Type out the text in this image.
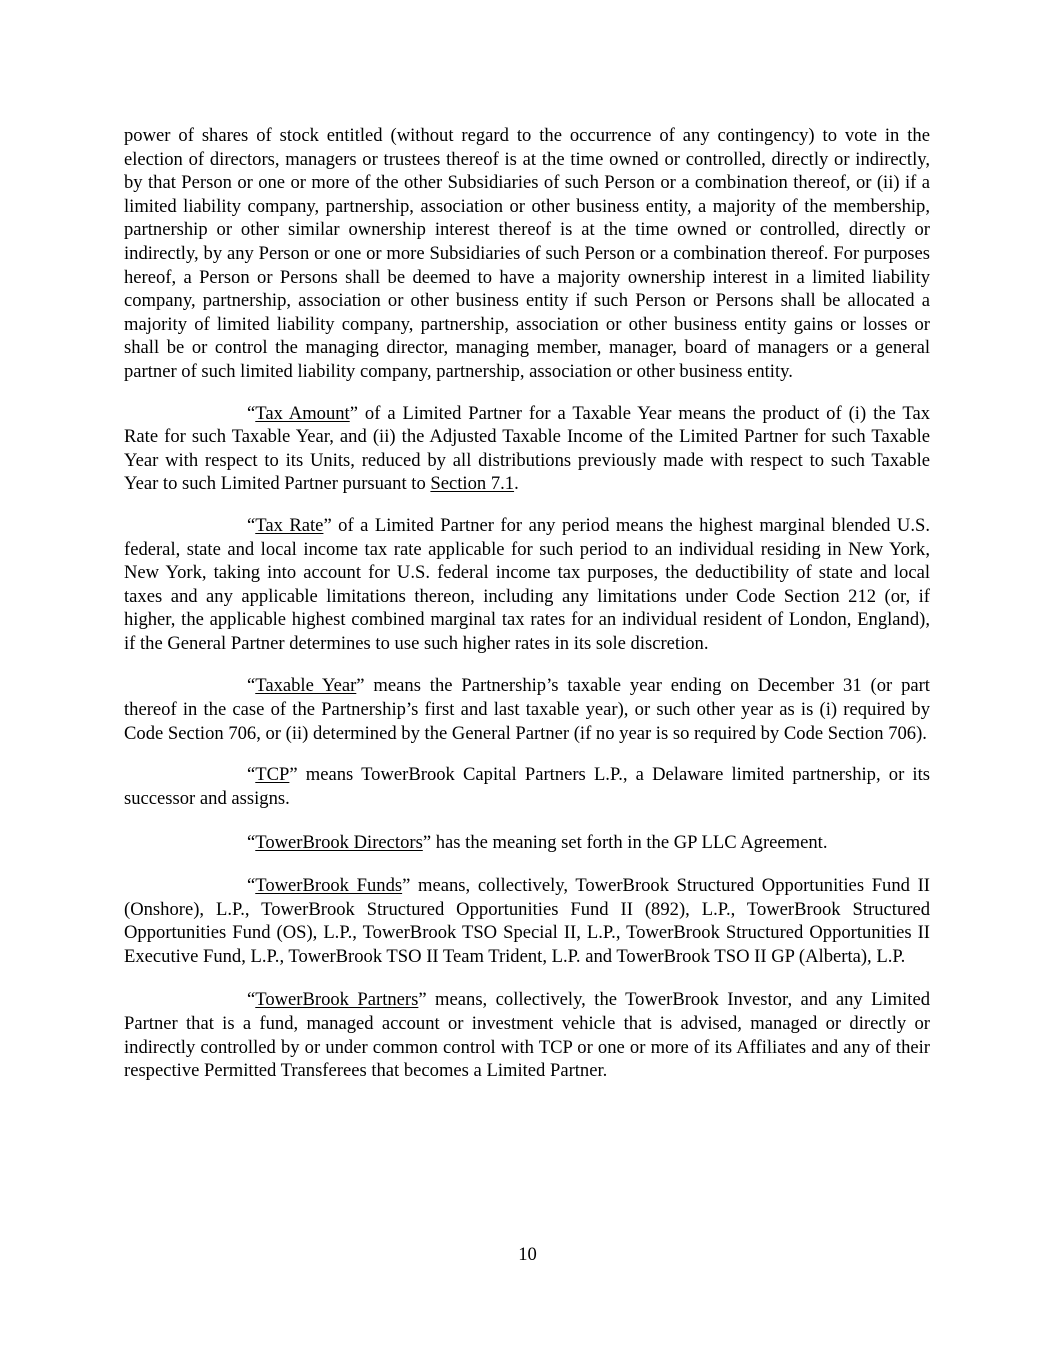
power of shares of stock entitled (without regard to the occurrence of any contingency) to vote in the election of directors, managers or trustees thereof is at the time owned or controlled, directly or indirectly, by that Person or one or more of the other Subsidiaries of such Person or a combination thereof, or (ii) if a limited liability company, partnership, association or other business entity, a majority of the membership, partnership or other similar ownership interest thereof is at the time owned or controlled, directly or indirectly, by any Person or one or more Subsidiaries of such Person or a combination thereof. For purposes hereof, a Person or Persons shall be deemed to have a majority ownership interest in a limited liability company, partnership, association or other business entity if such Person or Persons shall be allocated a majority of limited liability company, partnership, association or other business entity gains or losses or shall be or control the managing director, managing member, manager, board of managers or a general partner of such limited liability company, partnership, association or other business entity.

“Tax Amount” of a Limited Partner for a Taxable Year means the product of (i) the Tax Rate for such Taxable Year, and (ii) the Adjusted Taxable Income of the Limited Partner for such Taxable Year with respect to its Units, reduced by all distributions previously made with respect to such Taxable Year to such Limited Partner pursuant to Section 7.1.

“Tax Rate” of a Limited Partner for any period means the highest marginal blended U.S. federal, state and local income tax rate applicable for such period to an individual residing in New York, New York, taking into account for U.S. federal income tax purposes, the deductibility of state and local taxes and any applicable limitations thereon, including any limitations under Code Section 212 (or, if higher, the applicable highest combined marginal tax rates for an individual resident of London, England), if the General Partner determines to use such higher rates in its sole discretion.

“Taxable Year” means the Partnership’s taxable year ending on December 31 (or part thereof in the case of the Partnership’s first and last taxable year), or such other year as is (i) required by Code Section 706, or (ii) determined by the General Partner (if no year is so required by Code Section 706).

“TCP” means TowerBrook Capital Partners L.P., a Delaware limited partnership, or its successor and assigns.

“TowerBrook Directors” has the meaning set forth in the GP LLC Agreement.

“TowerBrook Funds” means, collectively, TowerBrook Structured Opportunities Fund II (Onshore), L.P., TowerBrook Structured Opportunities Fund II (892), L.P., TowerBrook Structured Opportunities Fund (OS), L.P., TowerBrook TSO Special II, L.P., TowerBrook Structured Opportunities II Executive Fund, L.P., TowerBrook TSO II Team Trident, L.P. and TowerBrook TSO II GP (Alberta), L.P.

“TowerBrook Partners” means, collectively, the TowerBrook Investor, and any Limited Partner that is a fund, managed account or investment vehicle that is advised, managed or directly or indirectly controlled by or under common control with TCP or one or more of its Affiliates and any of their respective Permitted Transferees that becomes a Limited Partner.

10
